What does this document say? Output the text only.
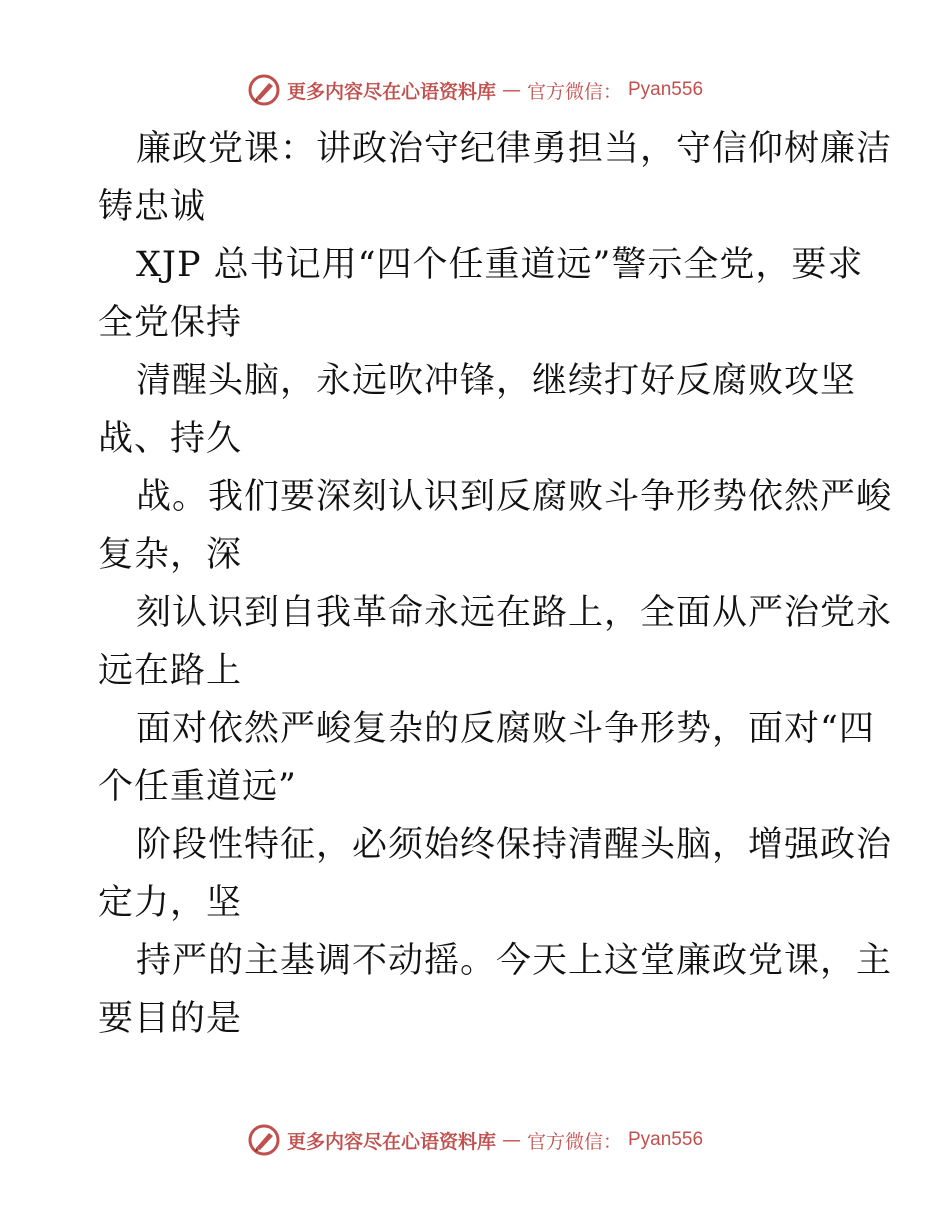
更多内容尽在心语资料库 — 官方微信： Pyan556

廉政党课：讲政治守纪律勇担当，守信仰树廉洁
铸忠诚

XJP 总书记用“四个任重道远”警示全党，要求
全党保持

清醒头脑，永远吹冲锋，继续打好反腐败攻坚
战、持久

战。我们要深刻认识到反腐败斗争形势依然严峻
复杂，深

刻认识到自我革命永远在路上，全面从严治党永
远在路上

面对依然严峻复杂的反腐败斗争形势，面对“四
个任重道远”

阶段性特征，必须始终保持清醒头脑，增强政治
定力，坚

持严的主基调不动摇。今天上这堂廉政党课，主
要目的是

更多内容尽在心语资料库 — 官方微信： Pyan556
